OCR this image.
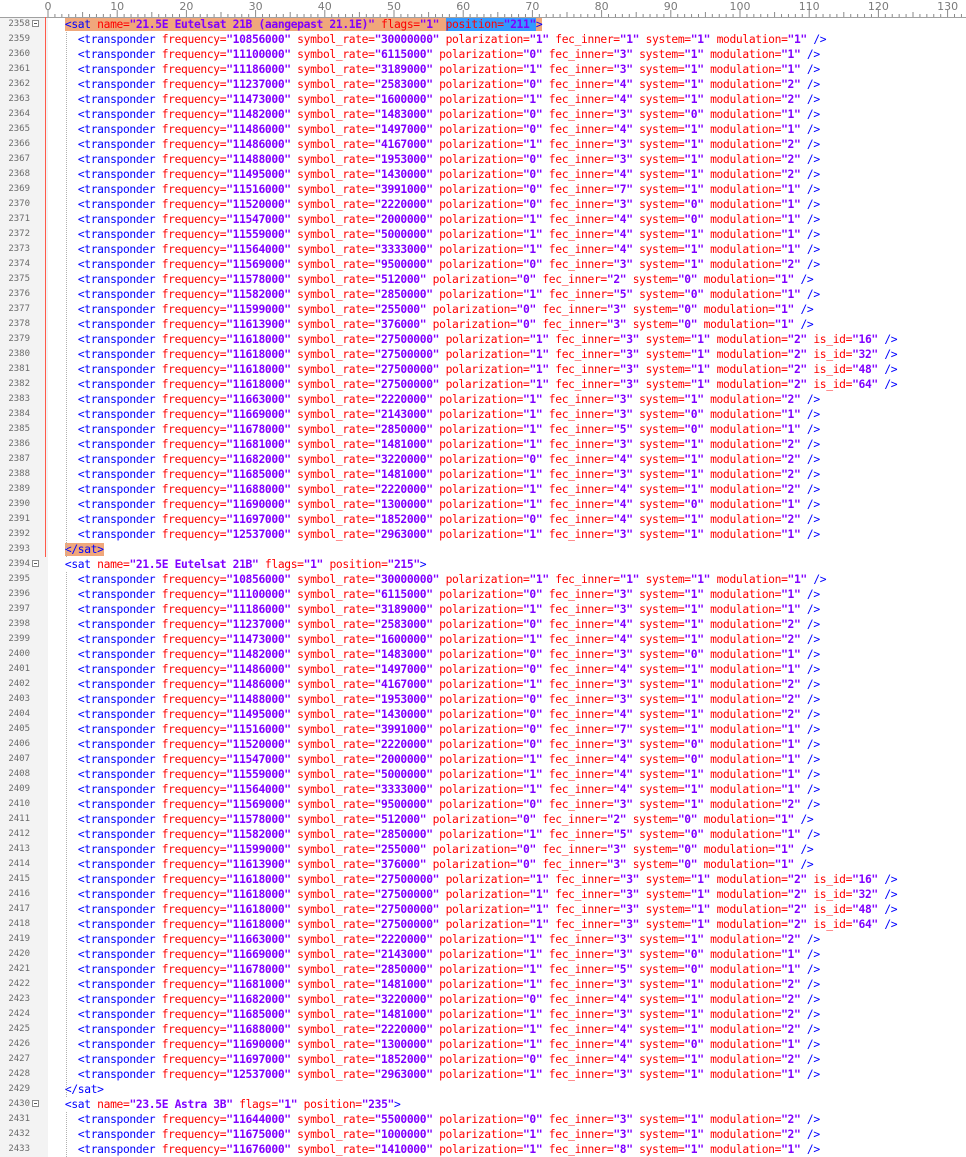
0	10	20	30	40	50	60	70	80	90	100	110	120	130
2358	<sat name="21.5E Eutelsat 21B (aangepast 21.1E)" flags="1" position="211">
2359	<transponder frequency="10856000" symbol_rate="30000000" polarization="1" fec_inner="1" system="1" modulation="1" />
2360	<transponder frequency="11100000" symbol_rate="6115000" polarization="0" fec_inner="3" system="1" modulation="1" />
2361	<transponder frequency="11186000" symbol_rate="3189000" polarization="1" fec_inner="3" system="1" modulation="1" />
2362	<transponder frequency="11237000" symbol_rate="2583000" polarization="0" fec_inner="4" system="1" modulation="2" />
2363	<transponder frequency="11473000" symbol_rate="1600000" polarization="1" fec_inner="4" system="1" modulation="2" />
2364	<transponder frequency="11482000" symbol_rate="1483000" polarization="0" fec_inner="3" system="0" modulation="1" />
2365	<transponder frequency="11486000" symbol_rate="1497000" polarization="0" fec_inner="4" system="1" modulation="1" />
2366	<transponder frequency="11486000" symbol_rate="4167000" polarization="1" fec_inner="3" system="1" modulation="2" />
2367	<transponder frequency="11488000" symbol_rate="1953000" polarization="0" fec_inner="3" system="1" modulation="2" />
2368	<transponder frequency="11495000" symbol_rate="1430000" polarization="0" fec_inner="4" system="1" modulation="2" />
2369	<transponder frequency="11516000" symbol_rate="3991000" polarization="0" fec_inner="7" system="1" modulation="1" />
2370	<transponder frequency="11520000" symbol_rate="2220000" polarization="0" fec_inner="3" system="0" modulation="1" />
2371	<transponder frequency="11547000" symbol_rate="2000000" polarization="1" fec_inner="4" system="0" modulation="1" />
2372	<transponder frequency="11559000" symbol_rate="5000000" polarization="1" fec_inner="4" system="1" modulation="1" />
2373	<transponder frequency="11564000" symbol_rate="3333000" polarization="1" fec_inner="4" system="1" modulation="1" />
2374	<transponder frequency="11569000" symbol_rate="9500000" polarization="0" fec_inner="3" system="1" modulation="2" />
2375	<transponder frequency="11578000" symbol_rate="512000" polarization="0" fec_inner="2" system="0" modulation="1" />
2376	<transponder frequency="11582000" symbol_rate="2850000" polarization="1" fec_inner="5" system="0" modulation="1" />
2377	<transponder frequency="11599000" symbol_rate="255000" polarization="0" fec_inner="3" system="0" modulation="1" />
2378	<transponder frequency="11613900" symbol_rate="376000" polarization="0" fec_inner="3" system="0" modulation="1" />
2379	<transponder frequency="11618000" symbol_rate="27500000" polarization="1" fec_inner="3" system="1" modulation="2" is_id="16" />
2380	<transponder frequency="11618000" symbol_rate="27500000" polarization="1" fec_inner="3" system="1" modulation="2" is_id="32" />
2381	<transponder frequency="11618000" symbol_rate="27500000" polarization="1" fec_inner="3" system="1" modulation="2" is_id="48" />
2382	<transponder frequency="11618000" symbol_rate="27500000" polarization="1" fec_inner="3" system="1" modulation="2" is_id="64" />
2383	<transponder frequency="11663000" symbol_rate="2220000" polarization="1" fec_inner="3" system="1" modulation="2" />
2384	<transponder frequency="11669000" symbol_rate="2143000" polarization="1" fec_inner="3" system="0" modulation="1" />
2385	<transponder frequency="11678000" symbol_rate="2850000" polarization="1" fec_inner="5" system="0" modulation="1" />
2386	<transponder frequency="11681000" symbol_rate="1481000" polarization="1" fec_inner="3" system="1" modulation="2" />
2387	<transponder frequency="11682000" symbol_rate="3220000" polarization="0" fec_inner="4" system="1" modulation="2" />
2388	<transponder frequency="11685000" symbol_rate="1481000" polarization="1" fec_inner="3" system="1" modulation="2" />
2389	<transponder frequency="11688000" symbol_rate="2220000" polarization="1" fec_inner="4" system="1" modulation="2" />
2390	<transponder frequency="11690000" symbol_rate="1300000" polarization="1" fec_inner="4" system="0" modulation="1" />
2391	<transponder frequency="11697000" symbol_rate="1852000" polarization="0" fec_inner="4" system="1" modulation="2" />
2392	<transponder frequency="12537000" symbol_rate="2963000" polarization="1" fec_inner="3" system="1" modulation="1" />
2393	</sat>
2394	<sat name="21.5E Eutelsat 21B" flags="1" position="215">
2395	<transponder frequency="10856000" symbol_rate="30000000" polarization="1" fec_inner="1" system="1" modulation="1" />
2396	<transponder frequency="11100000" symbol_rate="6115000" polarization="0" fec_inner="3" system="1" modulation="1" />
2397	<transponder frequency="11186000" symbol_rate="3189000" polarization="1" fec_inner="3" system="1" modulation="1" />
2398	<transponder frequency="11237000" symbol_rate="2583000" polarization="0" fec_inner="4" system="1" modulation="2" />
2399	<transponder frequency="11473000" symbol_rate="1600000" polarization="1" fec_inner="4" system="1" modulation="2" />
2400	<transponder frequency="11482000" symbol_rate="1483000" polarization="0" fec_inner="3" system="0" modulation="1" />
2401	<transponder frequency="11486000" symbol_rate="1497000" polarization="0" fec_inner="4" system="1" modulation="1" />
2402	<transponder frequency="11486000" symbol_rate="4167000" polarization="1" fec_inner="3" system="1" modulation="2" />
2403	<transponder frequency="11488000" symbol_rate="1953000" polarization="0" fec_inner="3" system="1" modulation="2" />
2404	<transponder frequency="11495000" symbol_rate="1430000" polarization="0" fec_inner="4" system="1" modulation="2" />
2405	<transponder frequency="11516000" symbol_rate="3991000" polarization="0" fec_inner="7" system="1" modulation="1" />
2406	<transponder frequency="11520000" symbol_rate="2220000" polarization="0" fec_inner="3" system="0" modulation="1" />
2407	<transponder frequency="11547000" symbol_rate="2000000" polarization="1" fec_inner="4" system="0" modulation="1" />
2408	<transponder frequency="11559000" symbol_rate="5000000" polarization="1" fec_inner="4" system="1" modulation="1" />
2409	<transponder frequency="11564000" symbol_rate="3333000" polarization="1" fec_inner="4" system="1" modulation="1" />
2410	<transponder frequency="11569000" symbol_rate="9500000" polarization="0" fec_inner="3" system="1" modulation="2" />
2411	<transponder frequency="11578000" symbol_rate="512000" polarization="0" fec_inner="2" system="0" modulation="1" />
2412	<transponder frequency="11582000" symbol_rate="2850000" polarization="1" fec_inner="5" system="0" modulation="1" />
2413	<transponder frequency="11599000" symbol_rate="255000" polarization="0" fec_inner="3" system="0" modulation="1" />
2414	<transponder frequency="11613900" symbol_rate="376000" polarization="0" fec_inner="3" system="0" modulation="1" />
2415	<transponder frequency="11618000" symbol_rate="27500000" polarization="1" fec_inner="3" system="1" modulation="2" is_id="16" />
2416	<transponder frequency="11618000" symbol_rate="27500000" polarization="1" fec_inner="3" system="1" modulation="2" is_id="32" />
2417	<transponder frequency="11618000" symbol_rate="27500000" polarization="1" fec_inner="3" system="1" modulation="2" is_id="48" />
2418	<transponder frequency="11618000" symbol_rate="27500000" polarization="1" fec_inner="3" system="1" modulation="2" is_id="64" />
2419	<transponder frequency="11663000" symbol_rate="2220000" polarization="1" fec_inner="3" system="1" modulation="2" />
2420	<transponder frequency="11669000" symbol_rate="2143000" polarization="1" fec_inner="3" system="0" modulation="1" />
2421	<transponder frequency="11678000" symbol_rate="2850000" polarization="1" fec_inner="5" system="0" modulation="1" />
2422	<transponder frequency="11681000" symbol_rate="1481000" polarization="1" fec_inner="3" system="1" modulation="2" />
2423	<transponder frequency="11682000" symbol_rate="3220000" polarization="0" fec_inner="4" system="1" modulation="2" />
2424	<transponder frequency="11685000" symbol_rate="1481000" polarization="1" fec_inner="3" system="1" modulation="2" />
2425	<transponder frequency="11688000" symbol_rate="2220000" polarization="1" fec_inner="4" system="1" modulation="2" />
2426	<transponder frequency="11690000" symbol_rate="1300000" polarization="1" fec_inner="4" system="0" modulation="1" />
2427	<transponder frequency="11697000" symbol_rate="1852000" polarization="0" fec_inner="4" system="1" modulation="2" />
2428	<transponder frequency="12537000" symbol_rate="2963000" polarization="1" fec_inner="3" system="1" modulation="1" />
2429	</sat>
2430	<sat name="23.5E Astra 3B" flags="1" position="235">
2431	<transponder frequency="11644000" symbol_rate="5500000" polarization="0" fec_inner="3" system="1" modulation="2" />
2432	<transponder frequency="11675000" symbol_rate="1000000" polarization="1" fec_inner="3" system="1" modulation="2" />
2433	<transponder frequency="11676000" symbol_rate="1410000" polarization="1" fec_inner="8" system="1" modulation="1" />
